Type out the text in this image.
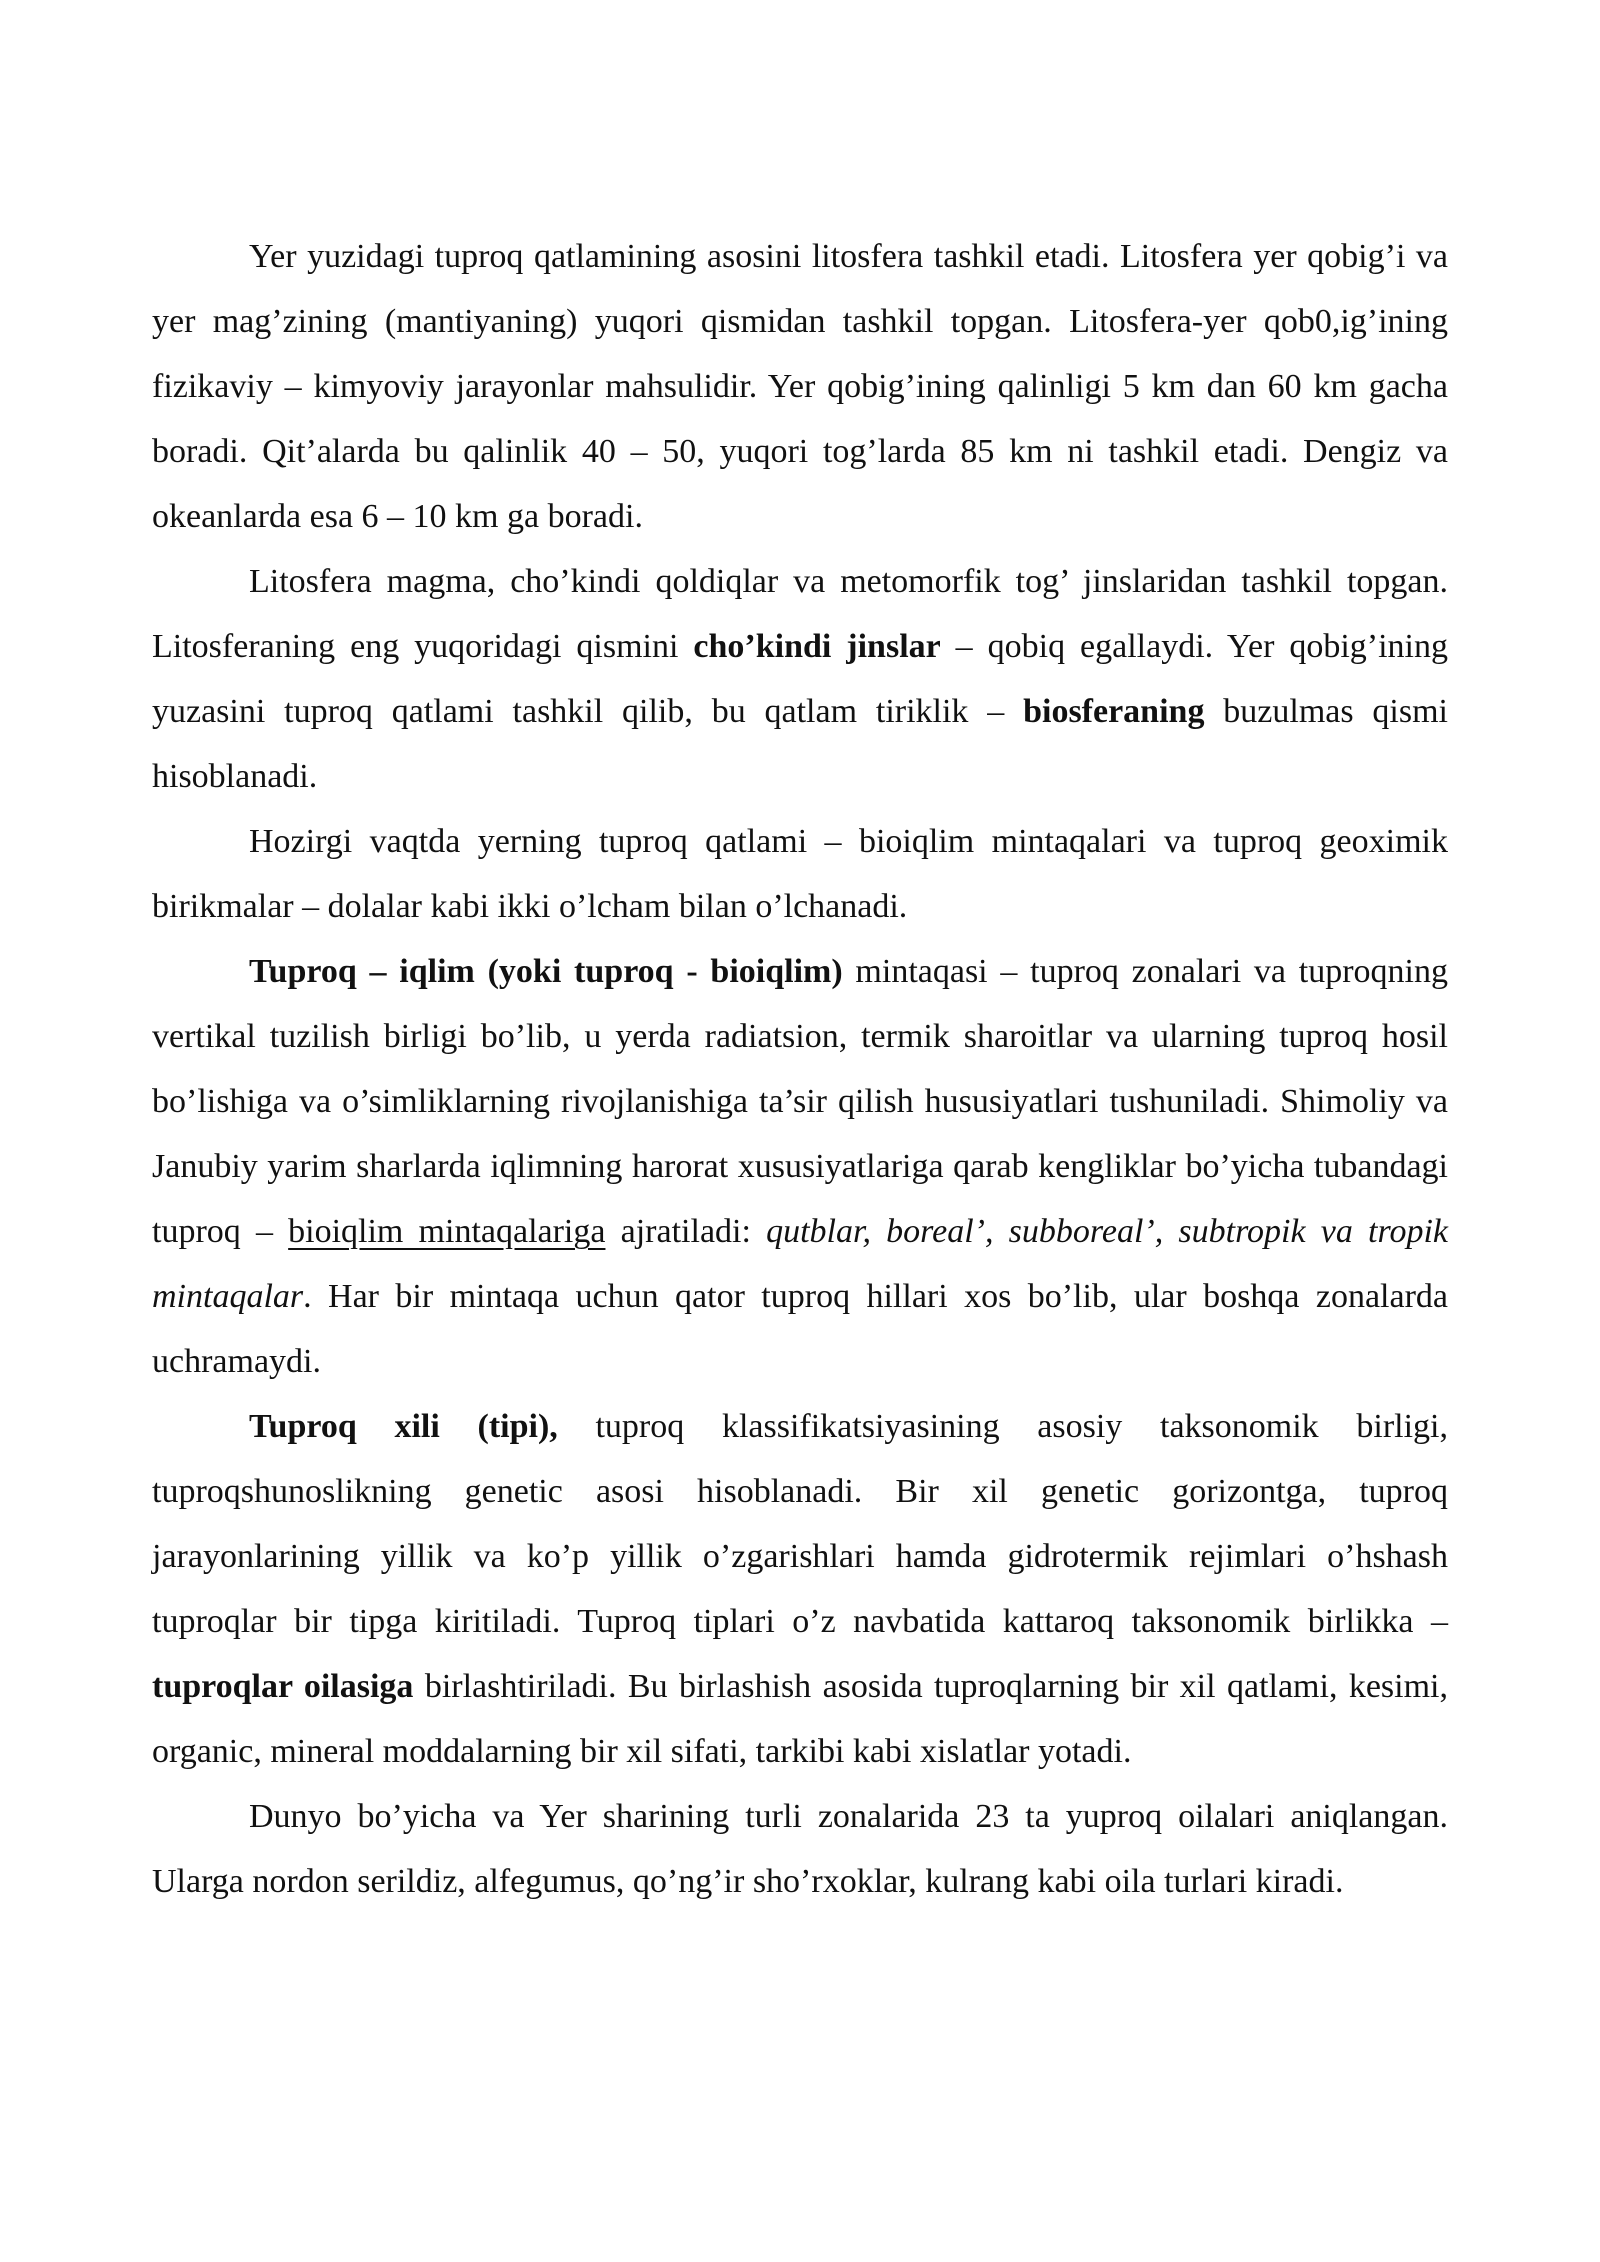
Yer yuzidagi tuproq qatlamining asosini litosfera tashkil etadi. Litosfera yer qobig’i va yer mag’zining (mantiyaning) yuqori qismidan tashkil topgan. Litosfera-yer qob0,ig’ining fizikaviy – kimyoviy jarayonlar mahsulidir. Yer qobig’ining qalinligi 5 km dan 60 km gacha boradi. Qit’alarda bu qalinlik 40 – 50, yuqori tog’larda 85 km ni tashkil etadi. Dengiz va okeanlarda esa 6 – 10 km ga boradi.

Litosfera magma, cho’kindi qoldiqlar va metomorfik tog’ jinslaridan tashkil topgan. Litosferaning eng yuqoridagi qismini cho’kindi jinslar – qobiq egallaydi. Yer qobig’ining yuzasini tuproq qatlami tashkil qilib, bu qatlam tiriklik – biosferaning buzulmas qismi hisoblanadi.

Hozirgi vaqtda yerning tuproq qatlami – bioiqlim mintaqalari va tuproq geoximik birikmalar – dolalar kabi ikki o’lcham bilan o’lchanadi.

Tuproq – iqlim (yoki tuproq - bioiqlim) mintaqasi – tuproq zonalari va tuproqning vertikal tuzilish birligi bo’lib, u yerda radiatsion, termik sharoitlar va ularning tuproq hosil bo’lishiga va o’simliklarning rivojlanishiga ta’sir qilish hususiyatlari tushuniladi. Shimoliy va Janubiy yarim sharlarda iqlimning harorat xususiyatlariga qarab kengliklar bo’yicha tubandagi tuproq – bioiqlim mintaqalariga ajratiladi: qutblar, boreal’, subboreal’, subtropik va tropik mintaqalar. Har bir mintaqa uchun qator tuproq hillari xos bo’lib, ular boshqa zonalarda uchramaydi.

Tuproq xili (tipi), tuproq klassifikatsiyasining asosiy taksonomik birligi, tuproqshunoslikning genetic asosi hisoblanadi. Bir xil genetic gorizontga, tuproq jarayonlarining yillik va ko’p yillik o’zgarishlari hamda gidrotermik rejimlari o’hshash tuproqlar bir tipga kiritiladi. Tuproq tiplari o’z navbatida kattaroq taksonomik birlikka – tuproqlar oilasiga birlashtiriladi. Bu birlashish asosida tuproqlarning bir xil qatlami, kesimi, organic, mineral moddalarning bir xil sifati, tarkibi kabi xislatlar yotadi.

Dunyo bo’yicha va Yer sharining turli zonalarida 23 ta yuproq oilalari aniqlangan. Ularga nordon serildiz, alfegumus, qo’ng’ir sho’rxoklar, kulrang kabi oila turlari kiradi.
